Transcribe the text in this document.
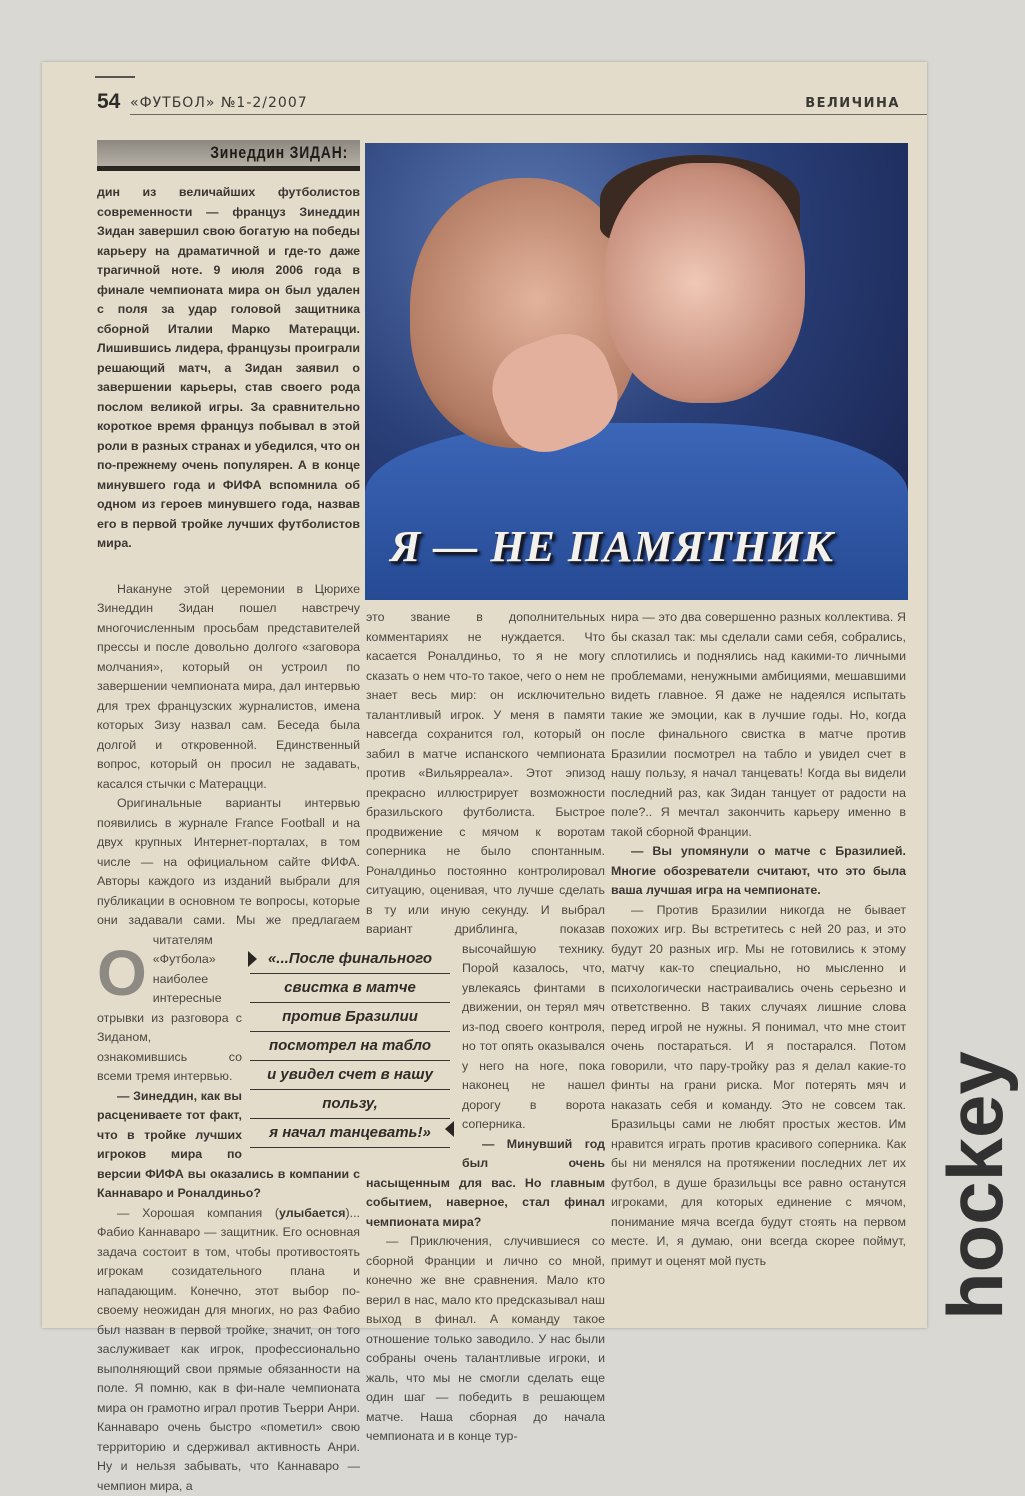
54 «ФУТБОЛ» №1-2/2007	ВЕЛИЧИНА
Зинеддин ЗИДАН:
Я — НЕ ПАМЯТНИК
О
дин из величайших футболистов современности — француз Зинеддин Зидан завершил свою богатую на победы карьеру на драматичной и где-то даже трагичной ноте. 9 июля 2006 года в финале чемпионата мира он был удален с поля за удар головой защитника сборной Италии Марко Матерацци. Лишившись лидера, французы проиграли решающий матч, а Зидан заявил о завершении карьеры, став своего рода послом великой игры. За сравнительно короткое время француз побывал в этой роли в разных странах и убедился, что он по-прежнему очень популярен. А в конце минувшего года и ФИФА вспомнила об одном из героев минувшего года, назвав его в первой тройке лучших футболистов мира.

Накануне этой церемонии в Цюрихе Зинеддин Зидан пошел навстречу многочисленным просьбам представителей прессы и после довольно долгого «заговора молчания», который он устроил по завершении чемпионата мира, дал интервью для трех французских журналистов, имена которых Зизу назвал сам. Беседа была долгой и откровенной. Единственный вопрос, который он просил не задавать, касался стычки с Матерацци.

Оригинальные варианты интервью появились в журнале France Football и на двух крупных Интернет-порталах, в том числе — на официальном сайте ФИФА. Авторы каждого из изданий выбрали для публикации в основном те вопросы, которые они задавали сами. Мы же предлагаем читателям «Футбола» наиболее интересные отрывки из разговора с Зиданом, ознакомившись со всеми тремя интервью.

— Зинеддин, как вы расцениваете тот факт, что в тройке лучших игроков мира по версии ФИФА вы оказались в компании с Каннаваро и Роналдиньо?

— Хорошая компания (улыбается)... Фабио Каннаваро — защитник. Его основная задача состоит в том, чтобы противостоять игрокам созидательного плана и нападающим. Конечно, этот выбор по-своему неожидан для многих, но раз Фабио был назван в первой тройке, значит, он того заслуживает как игрок, профессионально выполняющий свои прямые обязанности на поле. Я помню, как в фи-нале чемпионата мира он грамотно играл против Тьерри Анри. Каннаваро очень быстро «пометил» свою территорию и сдерживал активность Анри. Ну и нельзя забывать, что Каннаваро — чемпион мира, а

«...После финального
свистка в матче
против Бразилии
посмотрел на табло
и увидел счет в нашу
пользу,
я начал танцевать!»

это звание в дополнительных комментариях не нуждается. Что касается Роналдиньо, то я не могу сказать о нем что-то такое, чего о нем не знает весь мир: он исключительно талантливый игрок. У меня в памяти навсегда сохранится гол, который он забил в матче испанского чемпионата против «Вильярреала». Этот эпизод прекрасно иллюстрирует возможности бразильского футболиста. Быстрое продвижение с мячом к воротам соперника не было спонтанным. Роналдиньо постоянно контролировал ситуацию, оценивая, что лучше сделать в ту или иную секунду. И выбрал вариант дриблинга, показав высочайшую технику. Порой казалось, что, увлекаясь финтами в движении, он терял мяч из-под своего контроля, но тот опять оказывался у него на ноге, пока наконец не нашел дорогу в ворота соперника.

— Минувший год был очень насыщенным для вас. Но главным событием, наверное, стал финал чемпионата мира?

— Приключения, случившиеся со сборной Франции и лично со мной, конечно же вне сравнения. Мало кто верил в нас, мало кто предсказывал наш выход в финал. А команду такое отношение только заводило. У нас были собраны очень талантливые игроки, и жаль, что мы не смогли сделать еще один шаг — победить в решающем матче. Наша сборная до начала чемпионата и в конце тур-

нира — это два совершенно разных коллектива. Я бы сказал так: мы сделали сами себя, собрались, сплотились и поднялись над какими-то личными проблемами, ненужными амбициями, мешавшими видеть главное. Я даже не надеялся испытать такие же эмоции, как в лучшие годы. Но, когда после финального свистка в матче против Бразилии посмотрел на табло и увидел счет в нашу пользу, я начал танцевать! Когда вы видели последний раз, как Зидан танцует от радости на поле?.. Я мечтал закончить карьеру именно в такой сборной Франции.

— Вы упомянули о матче с Бразилией. Многие обозреватели считают, что это была ваша лучшая игра на чемпионате.

— Против Бразилии никогда не бывает похожих игр. Вы встретитесь с ней 20 раз, и это будут 20 разных игр. Мы не готовились к этому матчу как-то специально, но мысленно и психологически настраивались очень серьезно и ответственно. В таких случаях лишние слова перед игрой не нужны. Я понимал, что мне стоит очень постараться. И я постарался. Потом говорили, что пару-тройку раз я делал какие-то финты на грани риска. Мог потерять мяч и наказать себя и команду. Это не совсем так. Бразильцы сами не любят простых жестов. Им нравится играть против красивого соперника. Как бы ни менялся на протяжении последних лет их футбол, в душе бразильцы все равно останутся игроками, для которых единение с мячом, понимание мяча всегда будут стоять на первом месте. И, я думаю, они всегда скорее поймут, примут и оценят мой пусть	hockey
